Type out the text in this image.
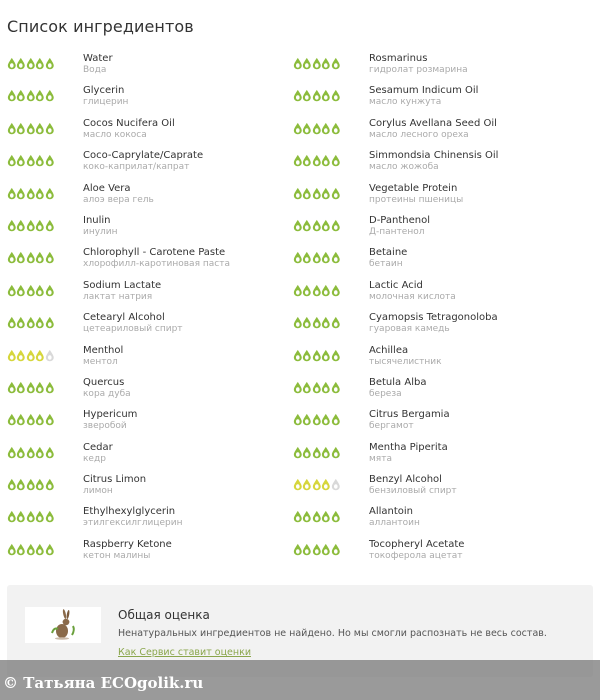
Список ингредиентов
Water
Вода
Glycerin
глицерин
Cocos Nucifera Oil
масло кокоса
Coco-Caprylate/Caprate
коко-каприлат/капрат
Aloe Vera
алоэ вера гель
Inulin
инулин
Chlorophyll - Carotene Paste
хлорофилл-каротиновая паста
Sodium Lactate
лактат натрия
Cetearyl Alcohol
цетеариловый спирт
Menthol
ментол
Quercus
кора дуба
Hypericum
зверобой
Cedar
кедр
Citrus Limon
лимон
Ethylhexylglycerin
этилгексилглицерин
Raspberry Ketone
кетон малины
Rosmarinus
гидролат розмарина
Sesamum Indicum Oil
масло кунжута
Corylus Avellana Seed Oil
масло лесного ореха
Simmondsia Chinensis Oil
масло жожоба
Vegetable Protein
протеины пшеницы
D-Panthenol
Д-пантенол
Betaine
бетаин
Lactic Acid
молочная кислота
Cyamopsis Tetragonoloba
гуаровая камедь
Achillea
тысячелистник
Betula Alba
береза
Citrus Bergamia
бергамот
Mentha Piperita
мята
Benzyl Alcohol
бензиловый спирт
Allantoin
аллантоин
Tocopheryl Acetate
токоферола ацетат
Общая оценка
Ненатуральных ингредиентов не найдено. Но мы смогли распознать не весь состав.
Как Сервис ставит оценки
© Татьяна ECOgolik.ru
